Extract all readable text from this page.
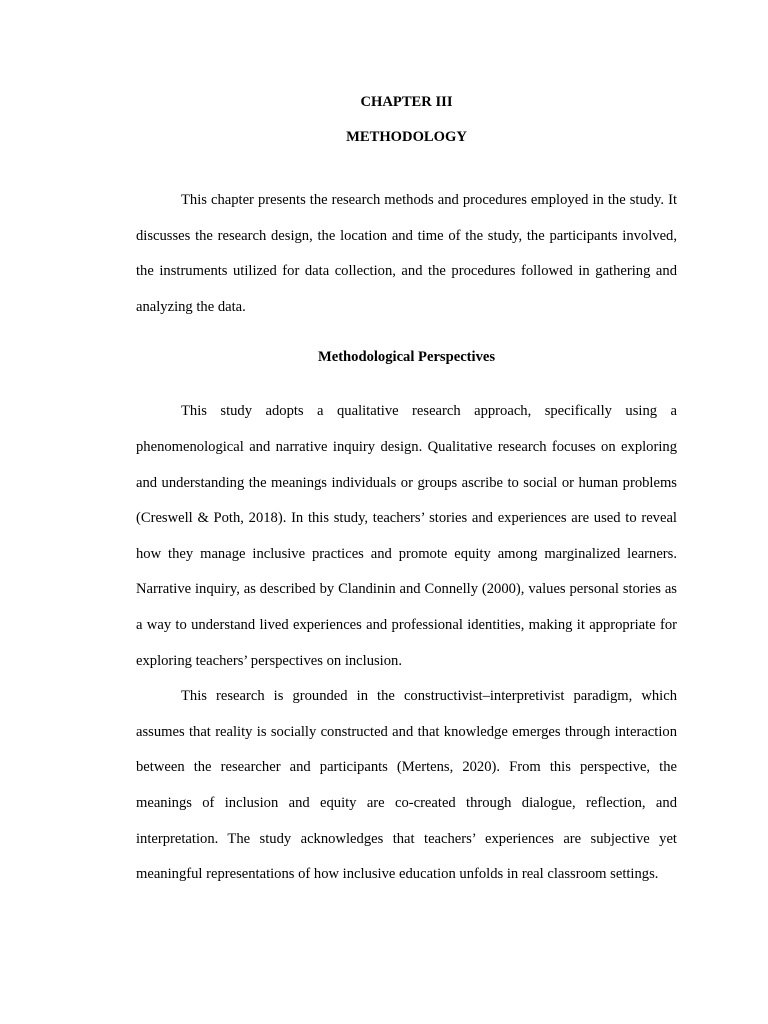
CHAPTER III
METHODOLOGY

This chapter presents the research methods and procedures employed in the study. It discusses the research design, the location and time of the study, the participants involved, the instruments utilized for data collection, and the procedures followed in gathering and analyzing the data.

Methodological Perspectives

This study adopts a qualitative research approach, specifically using a phenomenological and narrative inquiry design. Qualitative research focuses on exploring and understanding the meanings individuals or groups ascribe to social or human problems (Creswell & Poth, 2018). In this study, teachers’ stories and experiences are used to reveal how they manage inclusive practices and promote equity among marginalized learners. Narrative inquiry, as described by Clandinin and Connelly (2000), values personal stories as a way to understand lived experiences and professional identities, making it appropriate for exploring teachers’ perspectives on inclusion.

This research is grounded in the constructivist–interpretivist paradigm, which assumes that reality is socially constructed and that knowledge emerges through interaction between the researcher and participants (Mertens, 2020). From this perspective, the meanings of inclusion and equity are co-created through dialogue, reflection, and interpretation. The study acknowledges that teachers’ experiences are subjective yet meaningful representations of how inclusive education unfolds in real classroom settings.
